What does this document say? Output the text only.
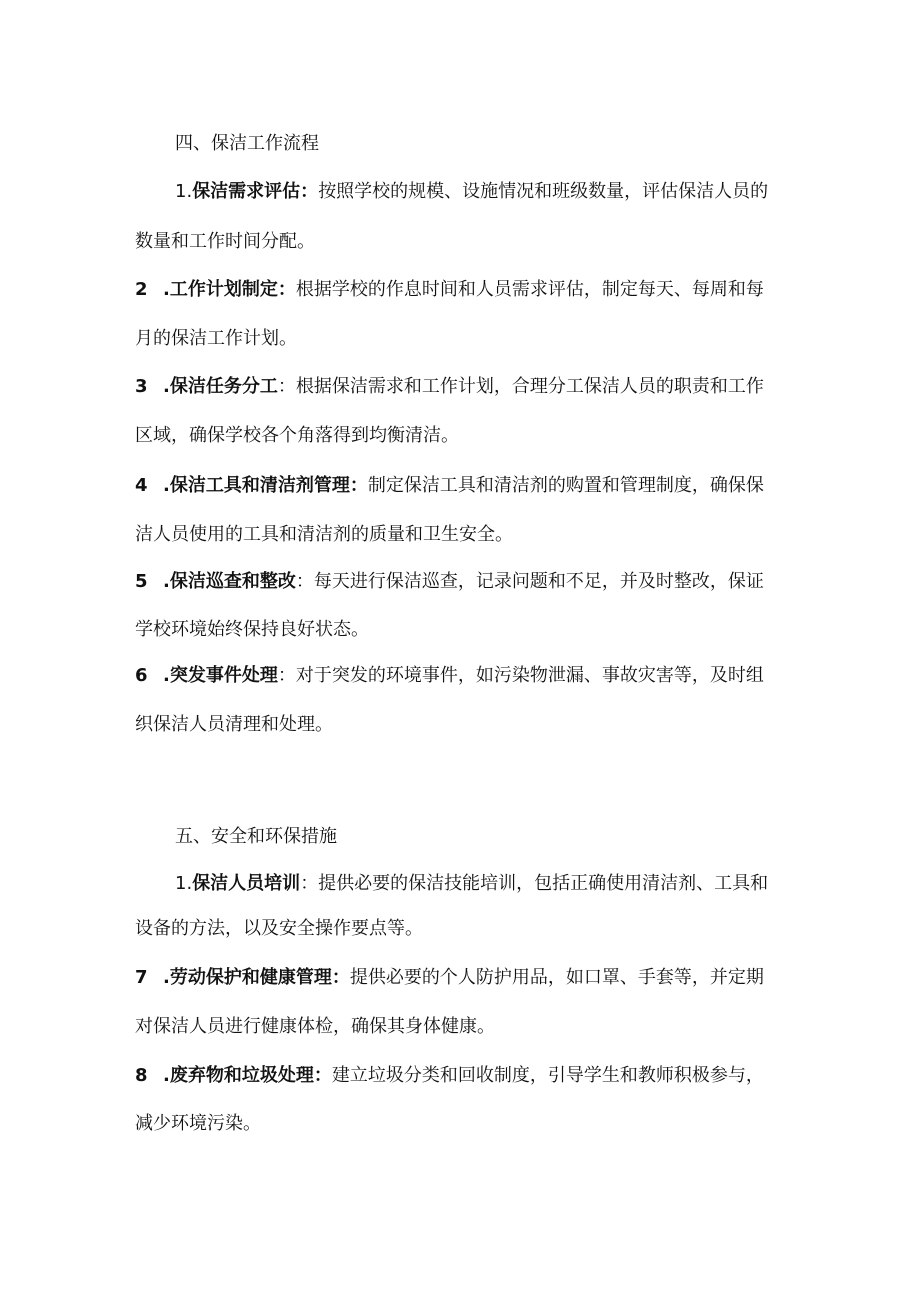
四、保洁工作流程
1.保洁需求评估：按照学校的规模、设施情况和班级数量，评估保洁人员的
数量和工作时间分配。
2 .工作计划制定：根据学校的作息时间和人员需求评估，制定每天、每周和每
月的保洁工作计划。
3 .保洁任务分工：根据保洁需求和工作计划，合理分工保洁人员的职责和工作
区域，确保学校各个角落得到均衡清洁。
4 .保洁工具和清洁剂管理：制定保洁工具和清洁剂的购置和管理制度，确保保
洁人员使用的工具和清洁剂的质量和卫生安全。
5 .保洁巡查和整改：每天进行保洁巡查，记录问题和不足，并及时整改，保证
学校环境始终保持良好状态。
6 .突发事件处理：对于突发的环境事件，如污染物泄漏、事故灾害等，及时组
织保洁人员清理和处理。
五、安全和环保措施
1.保洁人员培训：提供必要的保洁技能培训，包括正确使用清洁剂、工具和
设备的方法，以及安全操作要点等。
7 .劳动保护和健康管理：提供必要的个人防护用品，如口罩、手套等，并定期
对保洁人员进行健康体检，确保其身体健康。
8 .废弃物和垃圾处理：建立垃圾分类和回收制度，引导学生和教师积极参与，
减少环境污染。
